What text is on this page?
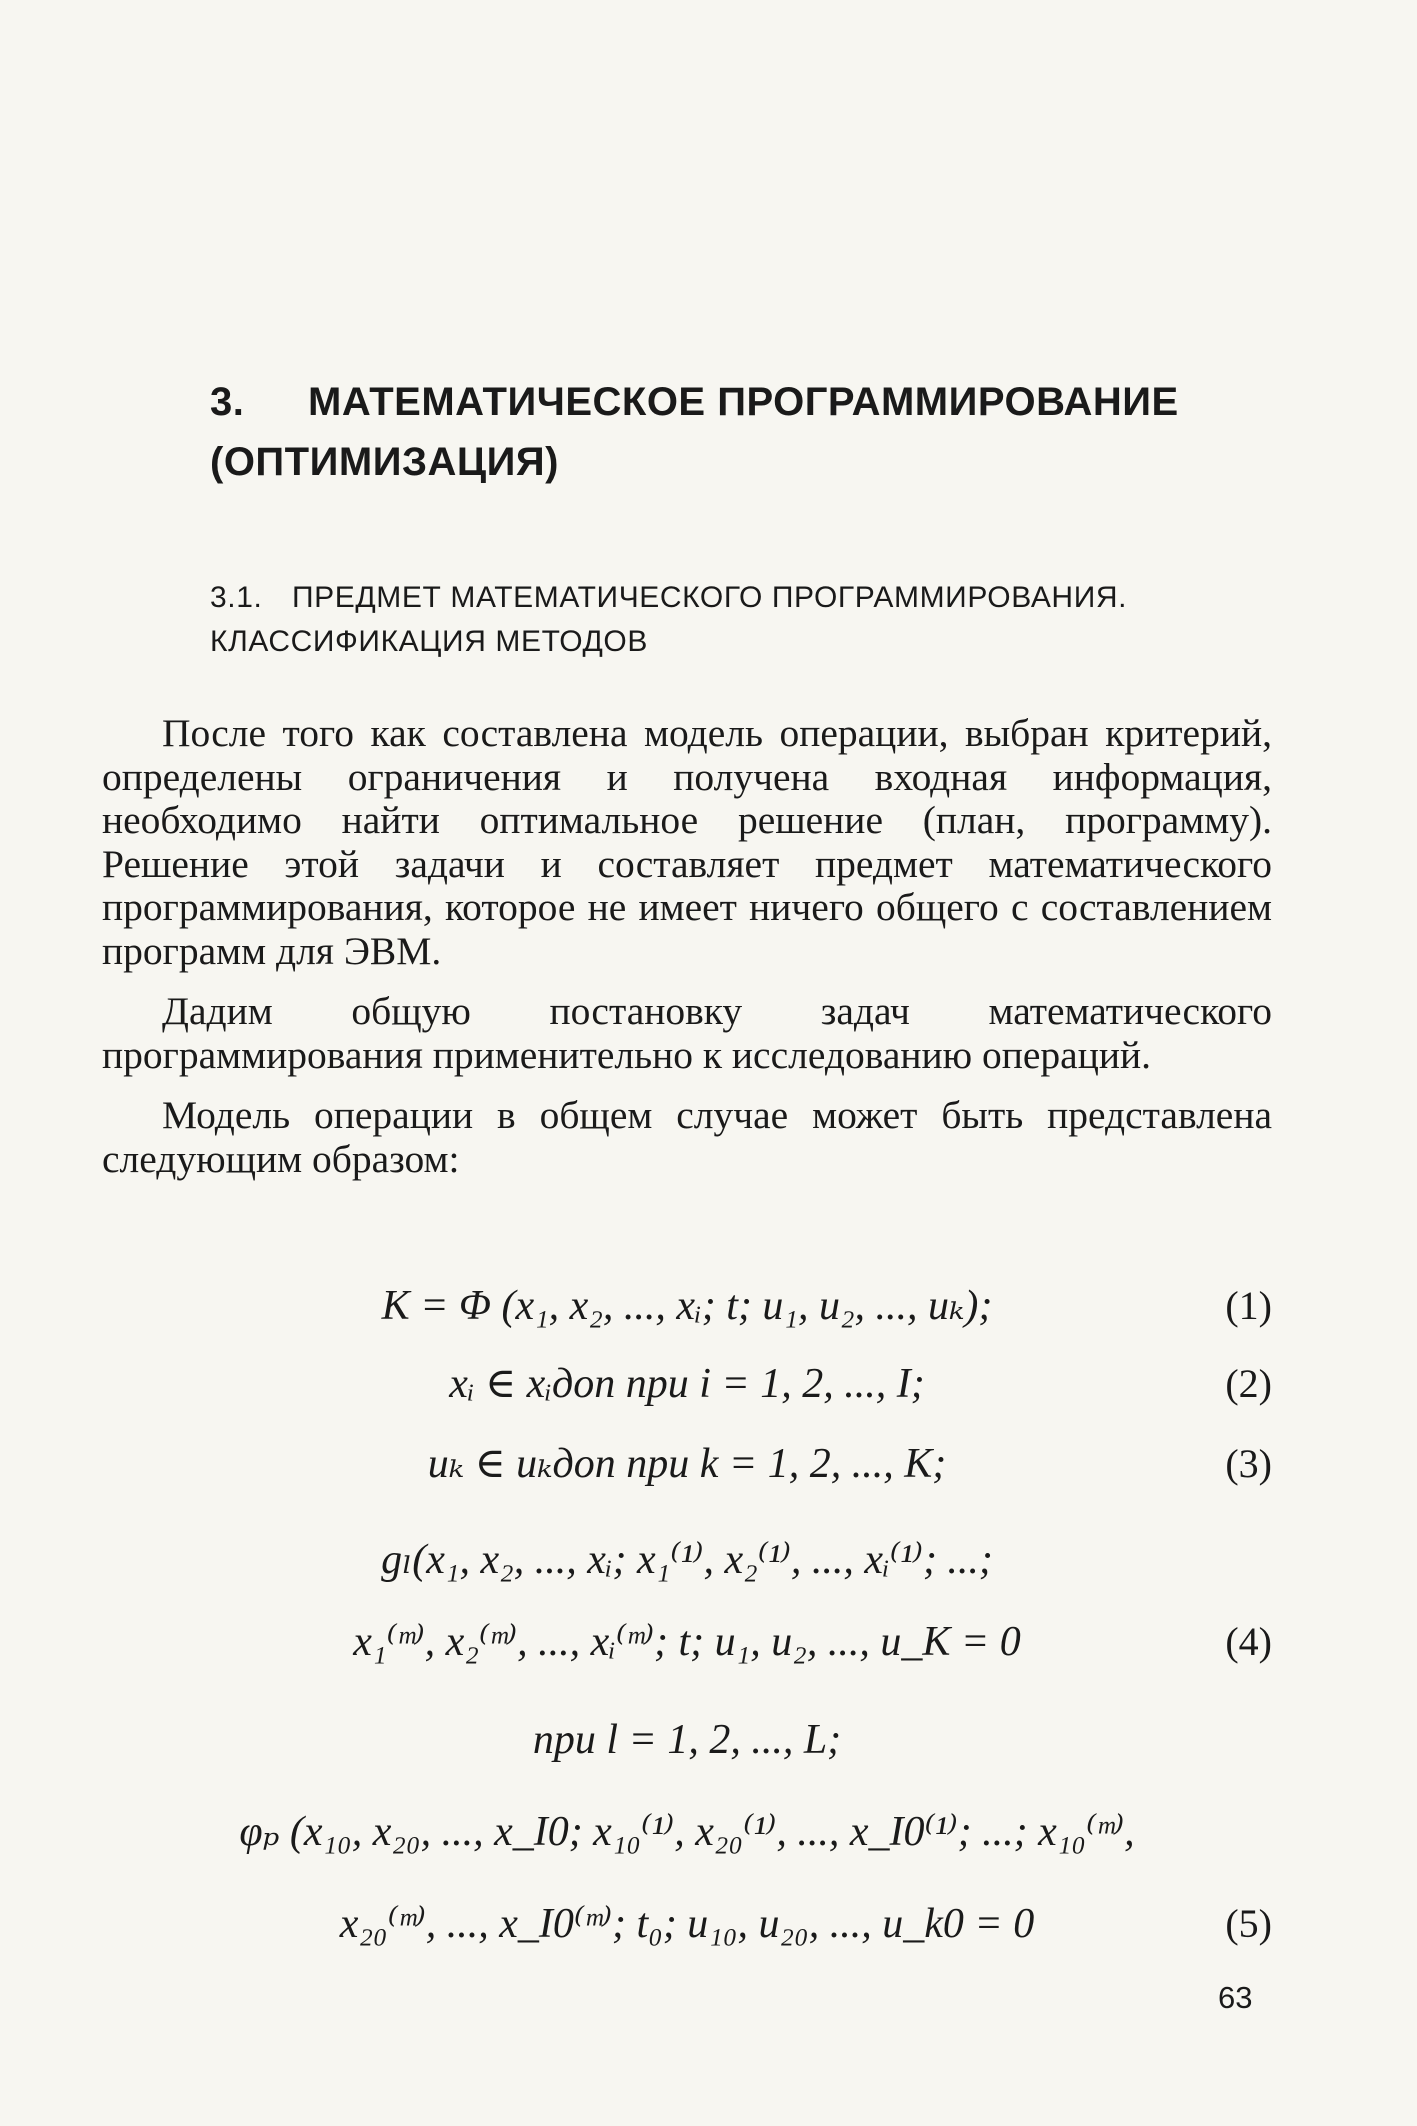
3. МАТЕМАТИЧЕСКОЕ ПРОГРАММИРОВАНИЕ (ОПТИМИЗАЦИЯ)
3.1. ПРЕДМЕТ МАТЕМАТИЧЕСКОГО ПРОГРАММИРОВАНИЯ. КЛАССИФИКАЦИЯ МЕТОДОВ

После того как составлена модель операции, выбран критерий, определены ограничения и получена входная информация, необходимо найти оптимальное решение (план, программу). Решение этой задачи и составляет предмет математического программирования, которое не имеет ничего общего с составлением программ для ЭВМ.

Дадим общую постановку задач математического программирования применительно к исследованию операций.

Модель операции в общем случае может быть представлена следующим образом:

K = Φ (x₁, x₂, ..., xᵢ; t; u₁, u₂, ..., uₖ);	(1)
xᵢ ∈ xᵢдоп при i = 1, 2, ..., I;	(2)
uₖ ∈ uₖдоп при k = 1, 2, ..., K;	(3)
gₗ(x₁, x₂, ..., xᵢ; x₁⁽¹⁾, x₂⁽¹⁾, ..., xᵢ⁽¹⁾; ...;
x₁⁽ᵐ⁾, x₂⁽ᵐ⁾, ..., xᵢ⁽ᵐ⁾; t; u₁, u₂, ..., u_K = 0	(4)
при l = 1, 2, ..., L;
φₚ (x₁₀, x₂₀, ..., x_I0; x₁₀⁽¹⁾, x₂₀⁽¹⁾, ..., x_I0⁽¹⁾; ...; x₁₀⁽ᵐ⁾,
x₂₀⁽ᵐ⁾, ..., x_I0⁽ᵐ⁾; t₀; u₁₀, u₂₀, ..., u_k0 = 0	(5)
63
